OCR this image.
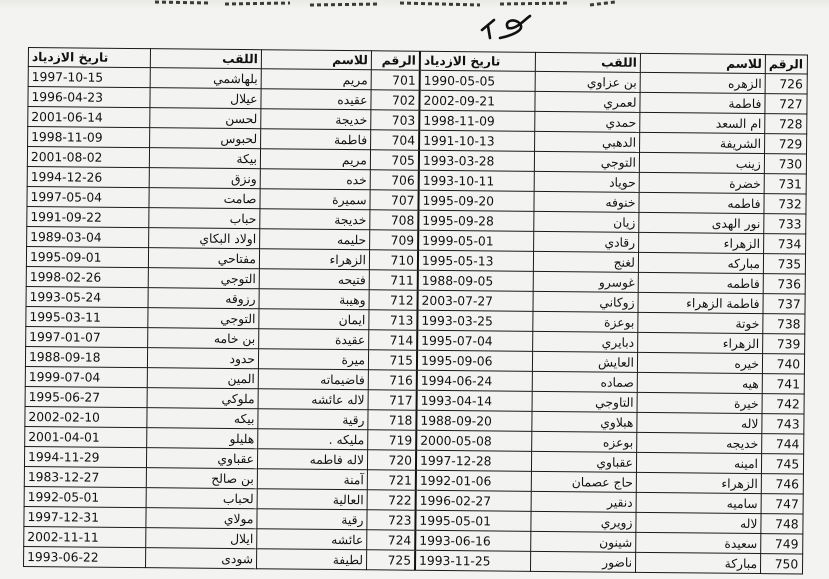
تاريخ الازدياد	اللقب	للاسم	الرقم	تاريخ الازدياد	اللقب	للاسم	الرقم
1997-10-15	بلهاشمي	مريم	701	1990-05-05	بن عزاوي	الزهره	726
1996-04-23	عيلال	عقيده	702	2002-09-21	لعمري	فاطمة	727
2001-06-14	لحسن	خديجة	703	1998-11-09	حمدي	ام السعد	728
1998-11-09	لحبوس	فاطمة	704	1991-10-13	الدهبي	الشريفة	729
2001-08-02	بيكة	مريم	705	1993-03-28	التوجي	زينب	730
1994-12-26	ونزق	خده	706	1993-10-11	حوياد	خضرة	731
1997-05-04	صامت	سميرة	707	1995-09-20	خنوفه	فاطمه	732
1991-09-22	حباب	خديجة	708	1995-09-28	زيان	نور الهدى	733
1989-03-04	اولاد البكاي	حليمه	709	1999-05-01	رقادي	الزهراء	734
1995-09-01	مفتاحي	الزهراء	710	1995-05-13	لغنج	مباركه	735
1998-02-26	التوجي	فتيحه	711	1988-09-05	غوسرو	فاطمه	736
1993-05-24	رزوقه	وهيبة	712	2003-07-27	زوكاني	فاطمة الزهراء	737
1995-03-11	التوجي	ايمان	713	1993-03-25	بوعزة	خوتة	738
1997-01-07	بن خامه	عقيدة	714	1995-07-04	دبايري	الزهراء	739
1988-09-18	حدود	ميرة	715	1995-09-06	العايش	خيره	740
1999-07-04	المين	فاضيماته	716	1994-06-24	صماده	هيه	741
1995-06-27	ملوكي	لاله عائشه	717	1993-04-14	التاوجي	خيرة	742
2002-02-10	بيكه	رقية	718	1988-09-20	هبلاوي	لاله	743
2001-04-01	هليلو	. مليكه	719	2000-05-08	بوعزه	خديجه	744
1994-11-29	عقباوي	لاله فاطمه	720	1997-12-28	عقباوي	امينه	745
1983-12-27	بن صالح	آمنة	721	1992-01-06	حاج عصمان	الزهراء	746
1992-05-01	لحباب	العالية	722	1996-02-27	دنقير	ساميه	747
1997-12-31	مولاي	رقية	723	1995-05-01	زويري	لاله	748
2002-11-11	ايلال	عائشه	724	1993-06-16	شينون	سعيدة	749
1993-06-22	شودى	لطيفة	725	1993-11-25	ناضور	مباركة	750
